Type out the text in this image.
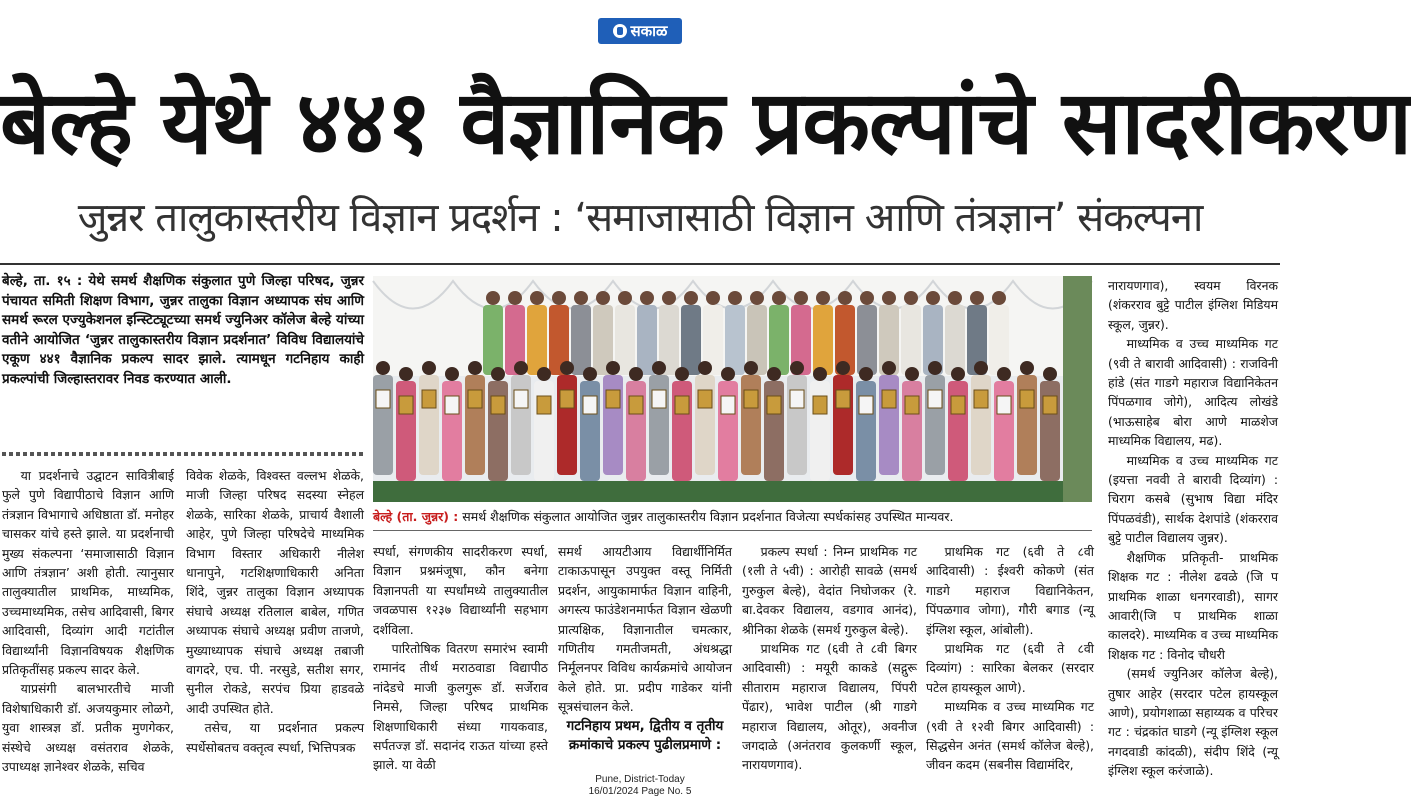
सकाळ
बेल्हे येथे ४४१ वैज्ञानिक प्रकल्पांचे सादरीकरण
जुन्नर तालुकास्तरीय विज्ञान प्रदर्शन : ‘समाजासाठी विज्ञान आणि तंत्रज्ञान’ संकल्पना
बेल्हे, ता. १५ : येथे समर्थ शैक्षणिक संकुलात पुणे जिल्हा परिषद, जुन्नर पंचायत समिती शिक्षण विभाग, जुन्नर तालुका विज्ञान अध्यापक संघ आणि समर्थ रूरल एज्युकेशनल इन्स्टिट्यूटच्या समर्थ ज्युनिअर कॉलेज बेल्हे यांच्या वतीने आयोजित ‘जुन्नर तालुकास्तरीय विज्ञान प्रदर्शनात’ विविध विद्यालयांचे एकूण ४४१ वैज्ञानिक प्रकल्प सादर झाले. त्यामधून गटनिहाय काही प्रकल्पांची जिल्हास्तरावर निवड करण्यात आली.
बेल्हे (ता. जुन्नर) : समर्थ शैक्षणिक संकुलात आयोजित जुन्नर तालुकास्तरीय विज्ञान प्रदर्शनात विजेत्या स्पर्धकांसह उपस्थित मान्यवर.

या प्रदर्शनाचे उद्घाटन सावित्रीबाई फुले पुणे विद्यापीठाचे विज्ञान आणि तंत्रज्ञान विभागाचे अधिष्ठाता डॉ. मनोहर चासकर यांचे हस्ते झाले. या प्रदर्शनाची मुख्य संकल्पना ‘समाजासाठी विज्ञान आणि तंत्रज्ञान’ अशी होती. त्यानुसार तालुक्यातील प्राथमिक, माध्यमिक, उच्चमाध्यमिक, तसेच आदिवासी, बिगर आदिवासी, दिव्यांग आदी गटांतील विद्यार्थ्यांनी विज्ञानविषयक शैक्षणिक प्रतिकृतींसह प्रकल्प सादर केले.

याप्रसंगी बालभारतीचे माजी विशेषाधिकारी डॉ. अजयकुमार लोळगे, युवा शास्त्रज्ञ डॉ. प्रतीक मुणगेकर, संस्थेचे अध्यक्ष वसंतराव शेळके, उपाध्यक्ष ज्ञानेश्वर शेळके, सचिव

विवेक शेळके, विश्वस्त वल्लभ शेळके, माजी जिल्हा परिषद सदस्या स्नेहल शेळके, सारिका शेळके, प्राचार्य वैशाली आहेर, पुणे जिल्हा परिषदेचे माध्यमिक विभाग विस्तार अधिकारी नीलेश धानापुने, गटशिक्षणाधिकारी अनिता शिंदे, जुन्नर तालुका विज्ञान अध्यापक संघाचे अध्यक्ष रतिलाल बाबेल, गणित अध्यापक संघाचे अध्यक्ष प्रवीण ताजणे, मुख्याध्यापक संघाचे अध्यक्ष तबाजी वागदरे, एच. पी. नरसुडे, सतीश सगर, सुनील रोकडे, सरपंच प्रिया हाडवळे आदी उपस्थित होते.

तसेच, या प्रदर्शनात प्रकल्प स्पर्धेसोबतच वक्तृत्व स्पर्धा, भित्तिपत्रक

स्पर्धा, संगणकीय सादरीकरण स्पर्धा, विज्ञान प्रश्नमंजूषा, कौन बनेगा विज्ञानपती या स्पर्धांमध्ये तालुक्यातील जवळपास १२३७ विद्यार्थ्यांनी सहभाग दर्शविला.

पारितोषिक वितरण समारंभ स्वामी रामानंद तीर्थ मराठवाडा विद्यापीठ नांदेडचे माजी कुलगुरू डॉ. सर्जेराव निमसे, जिल्हा परिषद प्राथमिक शिक्षणाधिकारी संध्या गायकवाड, सर्पतज्ज्ञ डॉ. सदानंद राऊत यांच्या हस्ते झाले. या वेळी

समर्थ आयटीआय विद्यार्थीनिर्मित टाकाऊपासून उपयुक्त वस्तू निर्मिती प्रदर्शन, आयुकामार्फत विज्ञान वाहिनी, अगस्त्य फाउंडेशनमार्फत विज्ञान खेळणी प्रात्यक्षिक, विज्ञानातील चमत्कार, गणितीय गमतीजमती, अंधश्रद्धा निर्मूलनपर विविध कार्यक्रमांचे आयोजन केले होते. प्रा. प्रदीप गाडेकर यांनी सूत्रसंचालन केले.

गटनिहाय प्रथम, द्वितीय व तृतीय क्रमांकाचे प्रकल्प पुढीलप्रमाणे :

प्रकल्प स्पर्धा : निम्न प्राथमिक गट (१ली ते ५वी) : आरोही सावळे (समर्थ गुरुकुल बेल्हे), वेदांत निघोजकर (रे. बा.देवकर विद्यालय, वडगाव आनंद), श्रीनिका शेळके (समर्थ गुरुकुल बेल्हे).

प्राथमिक गट (६वी ते ८वी बिगर आदिवासी) : मयूरी काकडे (सद्गुरू सीताराम महाराज विद्यालय, पिंपरी पेंढार), भावेश पाटील (श्री गाडगे महाराज विद्यालय, ओतूर), अवनीज जगदाळे (अनंतराव कुलकर्णी स्कूल, नारायणगाव).

प्राथमिक गट (६वी ते ८वी आदिवासी) : ईश्वरी कोकणे (संत गाडगे महाराज विद्यानिकेतन, पिंपळगाव जोगा), गौरी बगाड (न्यू इंग्लिश स्कूल, आंबोली).

प्राथमिक गट (६वी ते ८वी दिव्यांग) : सारिका बेलकर (सरदार पटेल हायस्कूल आणे).

माध्यमिक व उच्च माध्यमिक गट (९वी ते १२वी बिगर आदिवासी) : सिद्धसेन अनंत (समर्थ कॉलेज बेल्हे), जीवन कदम (सबनीस विद्यामंदिर,

नारायणगाव), स्वयम विरनक (शंकरराव बुट्टे पाटील इंग्लिश मिडियम स्कूल, जुन्नर).

माध्यमिक व उच्च माध्यमिक गट (९वी ते बारावी आदिवासी) : राजविनी हांडे (संत गाडगे महाराज विद्यानिकेतन पिंपळगाव जोगे), आदित्य लोखंडे (भाऊसाहेब बोरा आणे माळशेज माध्यमिक विद्यालय, मढ).

माध्यमिक व उच्च माध्यमिक गट (इयत्ता नववी ते बारावी दिव्यांग) : चिराग कसबे (सुभाष विद्या मंदिर पिंपळवंडी), सार्थक देशपांडे (शंकरराव बुट्टे पाटील विद्यालय जुन्नर).

शैक्षणिक प्रतिकृती- प्राथमिक शिक्षक गट : नीलेश ढवळे (जि प प्राथमिक शाळा धनगरवाडी), सागर आवारी(जि प प्राथमिक शाळा कालदरे). माध्यमिक व उच्च माध्यमिक शिक्षक गट : विनोद चौधरी

(समर्थ ज्युनिअर कॉलेज बेल्हे), तुषार आहेर (सरदार पटेल हायस्कूल आणे), प्रयोगशाळा सहाय्यक व परिचर गट : चंद्रकांत घाडगे (न्यू इंग्लिश स्कूल नगदवाडी कांदळी), संदीप शिंदे (न्यू इंग्लिश स्कूल करंजाळे).

Pune, District-Today
16/01/2024 Page No. 5
